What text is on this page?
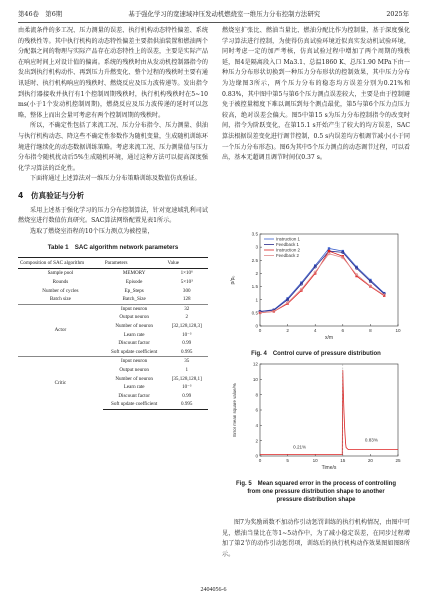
第46卷　第6期	基于强化学习的宽速域冲压发动机燃烧室一维压力分布控制方法研究	2025年

由柔流条件的多工况、压力测量的误差、执行机构动态特性偏差、系统的残秩性等。其中执行机构的动态特性偏差主要指供油装置和燃油两个分配器之间的物理与实际产品存在动态特性上的误差，主要是实际产品在响应时间上对设计值的偏离。系统的残秩时由从发动机控制器指令的发出到执行机构动作、再到压力升燃变化、整个过程的残秩时主要有通讯延时、执行机构响应的残秩时、燃烧反应及压力波传递等。发出指令到执行器接收并执行有1个控制周期残秩时，执行机构残秩时在5~10 ms(小于1个发动机控制周期)，燃烧反应及压力波传递的延时可以忽略，整体上而出会量可考虑有两个控制周期的残秩时。

所以，不确定性包括了来流工况、压力分布指令、压力测量、供油与执行机构动态、降这些不确定性参数作为随机变量，生成随机训练环境进行继续化的动态数据训练策略。考虑来流工况、压力测量值与压力分布指令随机扰动后5%生成随机环境，通过这种方法可以提高深度强化学习算法的泛化性。

下面将通过上述算法对一维压力分布策略训练及数值仿真验证。

4　仿真验证与分析

采用上述基于强化学习的压力分布控制算法，针对宽速域乳利司试燃烧室进行数值仿真研究。SAC算法网络配置见表1所示。

选取了燃烧室沿程的10个压力测点为被控量，

Table 1　SAC algorithm network parameters
Composition of SAC algorithm	Parameters	Value
Sample pool	MEMORY	1×10⁶
Rounds	Episode	5×10³
Number of cycles	Ep_Steps	300
Batch size	Batch_Size	128
Actor	Input neuron	32
	Output neuron	2
	Number of neuron	[32,128,128,3]
	Learn rate	10⁻³
	Discount factor	0.99
	Soft update coefficient	0.995
Critic	Input neuron	35
	Output neuron	1
	Number of neuron	[35,128,128,1]
	Learn rate	10⁻³
	Discount factor	0.99
	Soft update coefficient	0.995

燃烧室扩张比、燃油当量比、燃油分配比作为控制量，基于深度强化学习算法进行控制，为使得仿真试验环境近似真实发动机试验环境，同时考虑一定的加严考核，仿真试验过程中增加了两个周期的残秩延，图4是隔离段入口 Ma3.1、总温1860 K、总压1.90 MPa下由一种压力分布形状切换到一种压力分布形状的控制效果，其中压力分布为边缘图3所示，两个压力分布的稳态均方误差分别为0.21%和0.83%，其中图中第5与第6个压力测点误差较大，主要是由于控制避免于被控量精度下难以调压到每个测点最优，第5与第6个压力点压力较高，绝对误差会偏大。图5中第15 s为压力分布控制指令的改变时间，指令为阶跃变化，在第15.1 s开始产生了较大的均方误差，SAC算法根据误差变化进行调节控制，0.5 s内误差均方根调节减小(小于同一个压力分布形态)。图6为其中5个压力测点的动态调节过程，可以看出，基本无超调且调节时间仅0.37 s。

0
0.5
1
1.5
2
2.5
3
3.5
0	2	4	6	8	10
x/m
p/p₀
Instruction 1
Feedback 1
Instruction 2
Feedback 2
Fig. 4　Control curve of pressure distribution
0
2
4
6
8
10
12
0	5	10	15	20	25
Time/s
Error mean square value/%
0.21%
0.83%
Fig. 5　Mean squared error in the process of controlling
from one pressure distribution shape to another
pressure distribution shape

图7为奖励函数不加动作引动惩罚训练的执行机构情况，由图中可见，燃油当量比在等1~5动作中，为了减小稳定误差，在同步过程增加了第2节的动作引动惩罚项，训练后的执行机构动作效果图如图8所示。

2404056-6
